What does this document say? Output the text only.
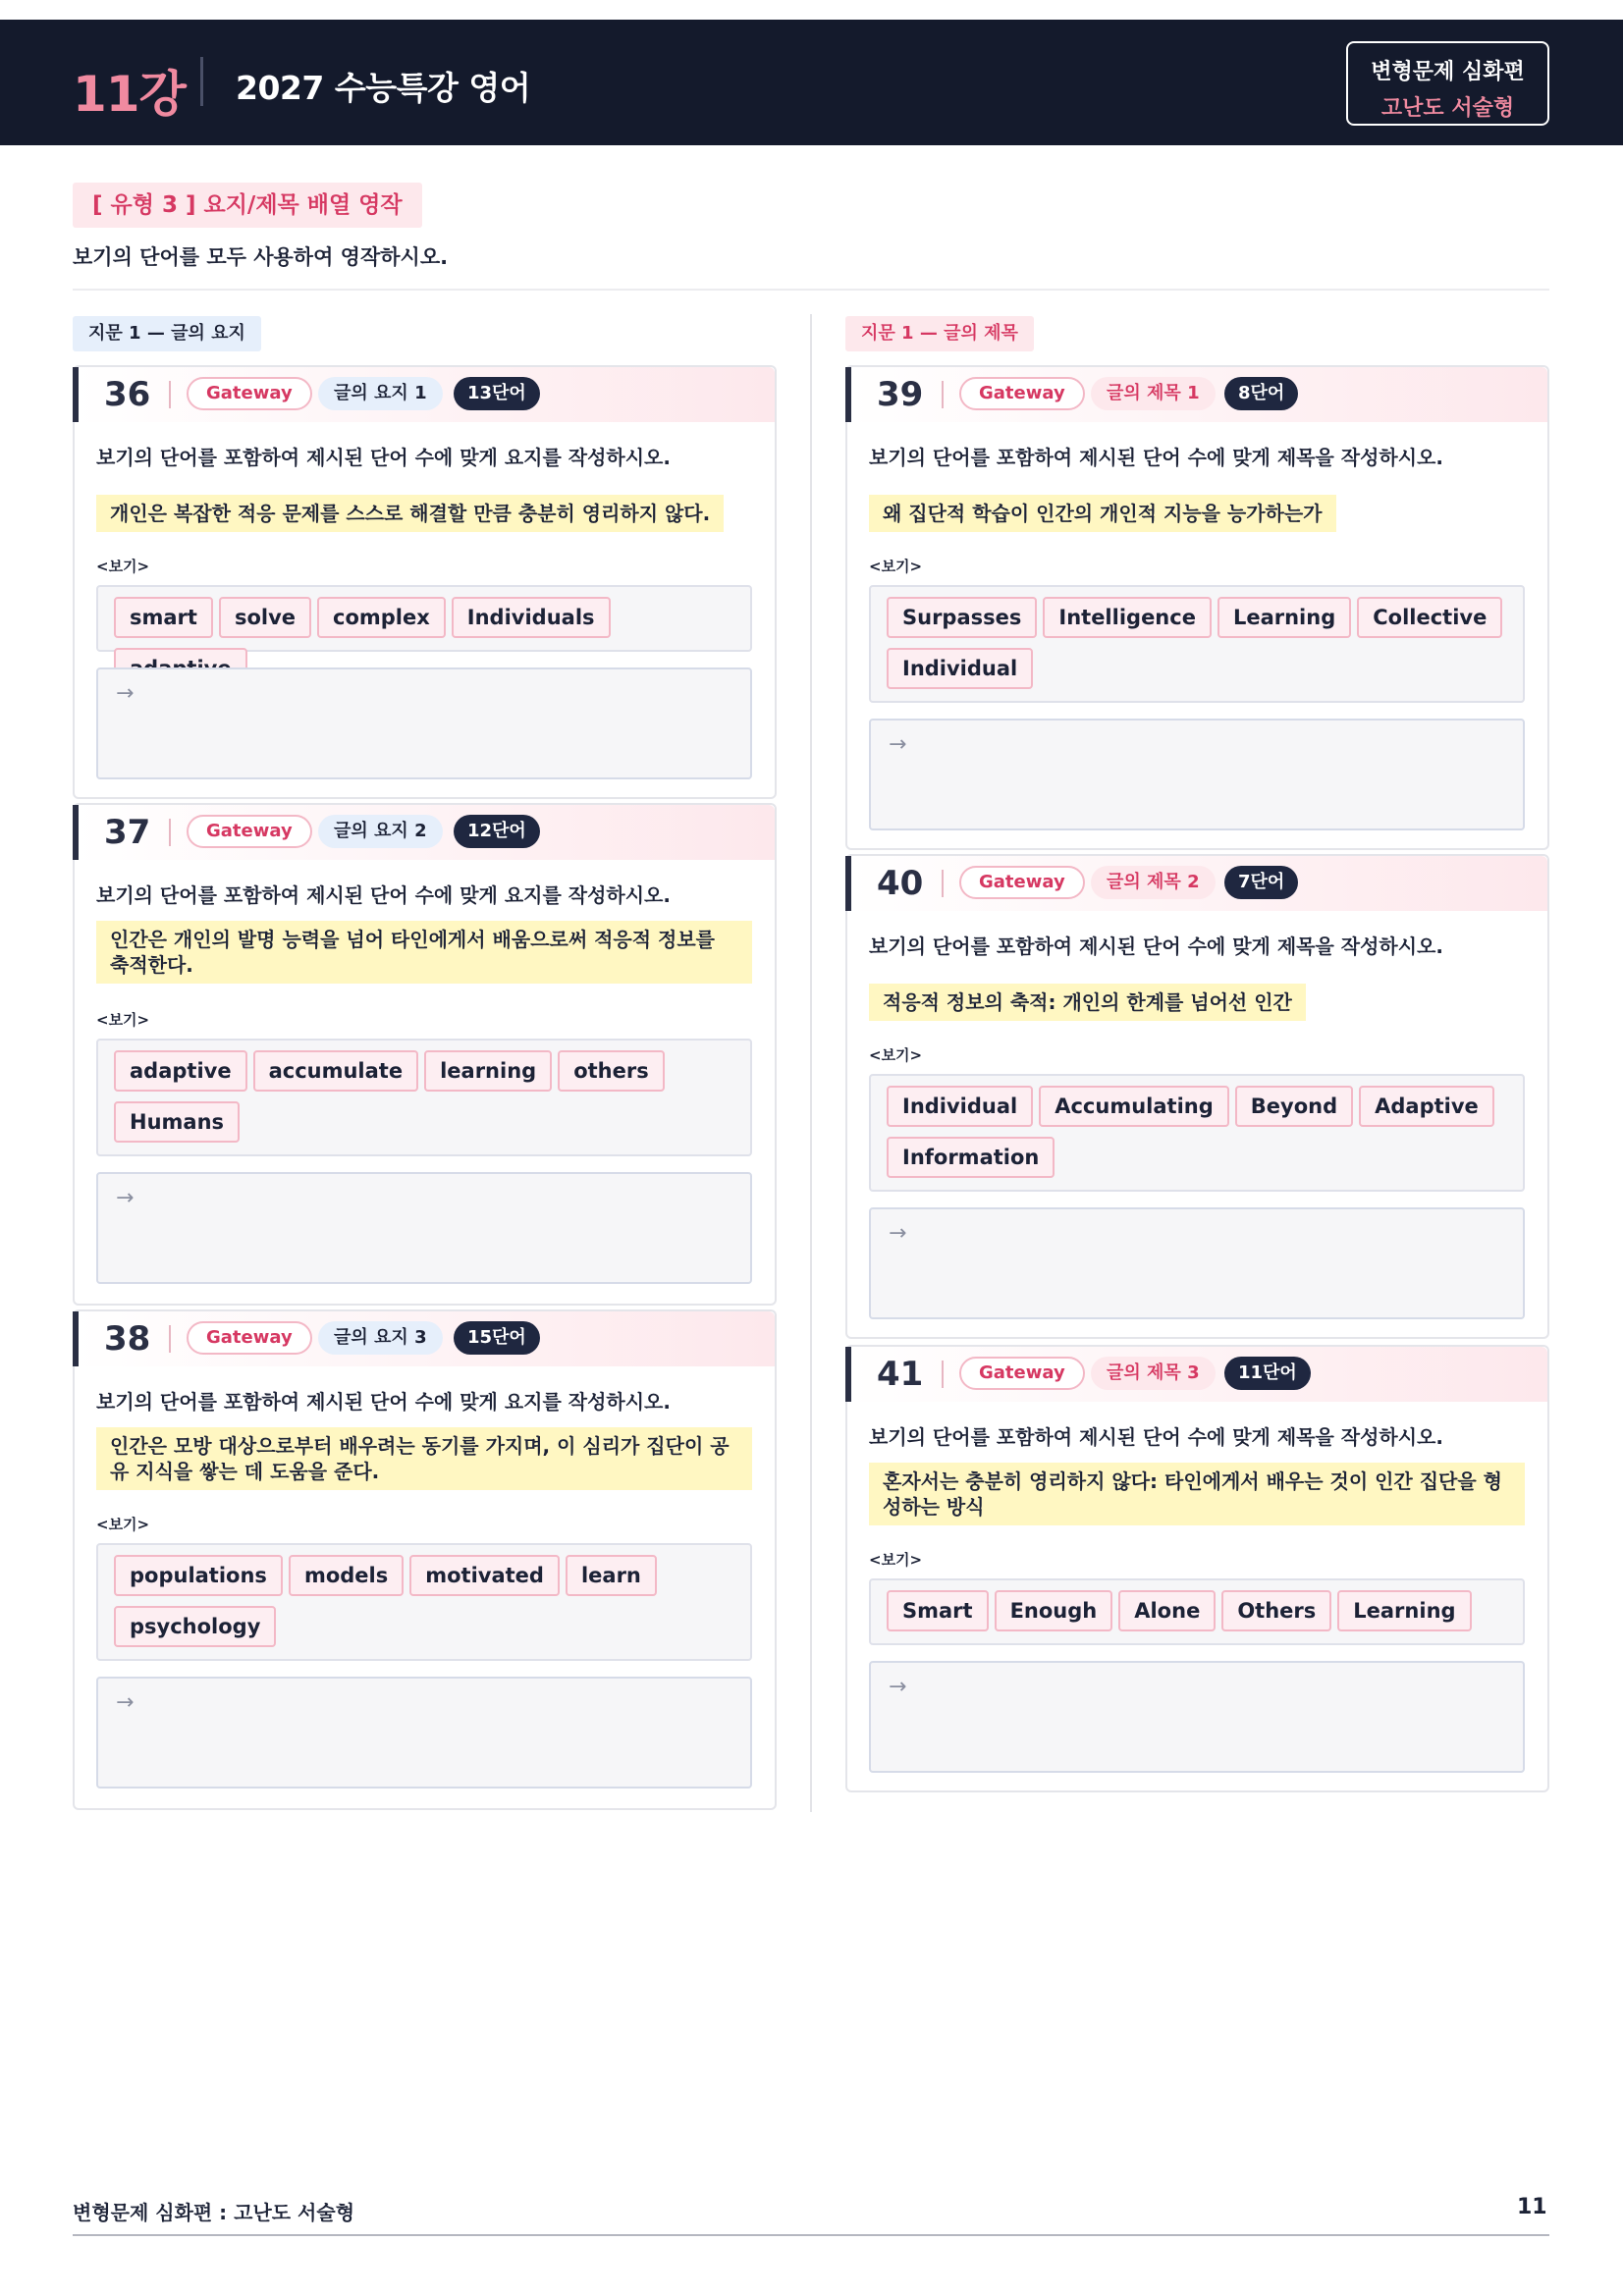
11강 2027 수능특강 영어	변형문제 심화편
고난도 서술형
[ 유형 3 ] 요지/제목 배열 영작
보기의 단어를 모두 사용하여 영작하시오.
지문 1 — 글의 요지	지문 1 — 글의 제목
36	Gateway	글의 요지 1	13단어
보기의 단어를 포함하여 제시된 단어 수에 맞게 요지를 작성하시오.
개인은 복잡한 적응 문제를 스스로 해결할 만큼 충분히 영리하지 않다.
<보기>
smart solve complex Individuals
→
37	Gateway	글의 요지 2	12단어
보기의 단어를 포함하여 제시된 단어 수에 맞게 요지를 작성하시오.
인간은 개인의 발명 능력을 넘어 타인에게서 배움으로써 적응적 정보를 축적한다.
<보기>
adaptive accumulate learning othersHumans
→
38	Gateway	글의 요지 3	15단어
보기의 단어를 포함하여 제시된 단어 수에 맞게 요지를 작성하시오.
인간은 모방 대상으로부터 배우려는 동기를 가지며, 이 심리가 집단이 공유 지식을 쌓는 데 도움을 준다.
<보기>
populations models motivated learnpsychology
→
39	Gateway	글의 제목 1	8단어
보기의 단어를 포함하여 제시된 단어 수에 맞게 제목을 작성하시오.
왜 집단적 학습이 인간의 개인적 지능을 능가하는가
<보기>
Surpasses Intelligence Learning CollectiveIndividual
→
40	Gateway	글의 제목 2	7단어
보기의 단어를 포함하여 제시된 단어 수에 맞게 제목을 작성하시오.
적응적 정보의 축적: 개인의 한계를 넘어선 인간
<보기>
Individual Accumulating Beyond AdaptiveInformation
→
41	Gateway	글의 제목 3	11단어
보기의 단어를 포함하여 제시된 단어 수에 맞게 제목을 작성하시오.
혼자서는 충분히 영리하지 않다: 타인에게서 배우는 것이 인간 집단을 형성하는 방식
<보기>
Smart Enough Alone Others Learning
→
변형문제 심화편 : 고난도 서술형	11
